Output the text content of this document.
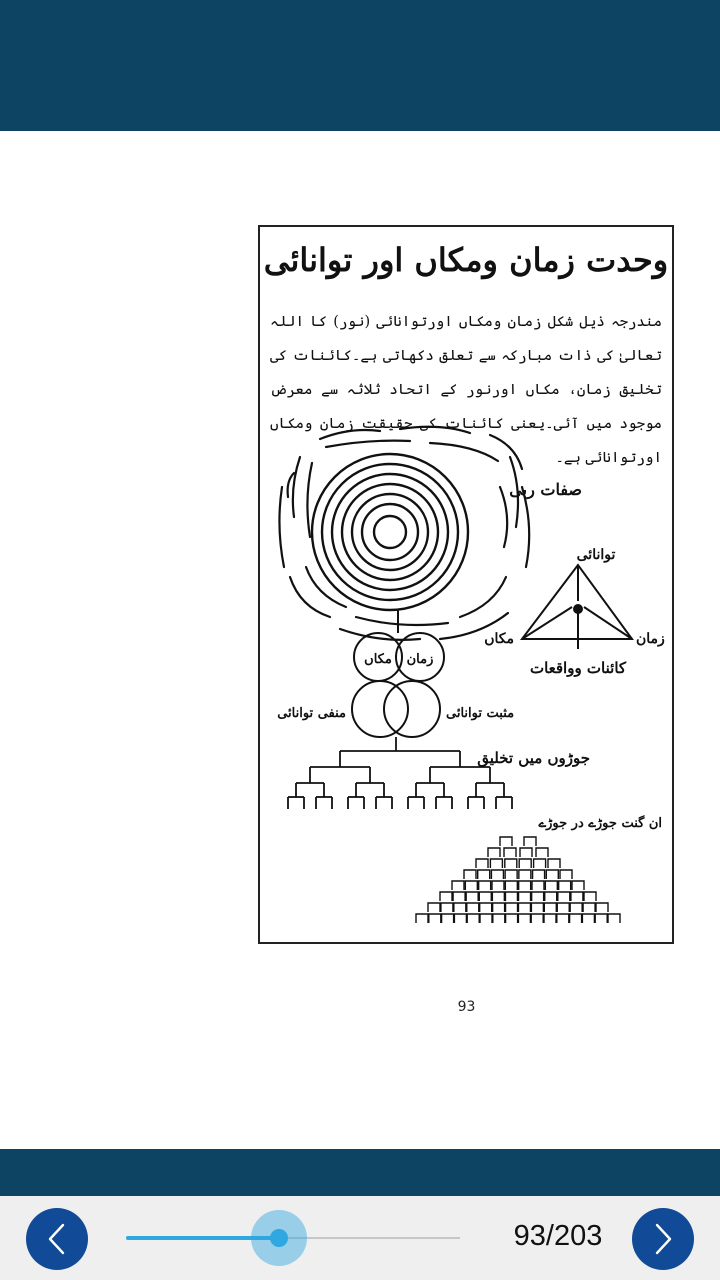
وحدت زمان ومکاں اور توانائی
مندرجہ ذیل شکل زمان ومکاں اورتوانائی (نور) کا اللہ تعالیٰ کی ذات مبارکہ سے تعلق دکھاتی ہے۔کائنات کی تخلیق زمان، مکاں اورنور کے اتحاد ثلاثہ سے معرض موجود میں آئی۔یعنی کائنات کی حقیقت زمان ومکاں اورتوانائی ہے۔
صفات ربی
توانائی
مکاں	زمان
کائنات وواقعات
مکاں زمان
مثبت توانائی
منفی توانائی
جوڑوں میں تخلیق
ان گنت جوڑے در جوڑے
93
93/203
